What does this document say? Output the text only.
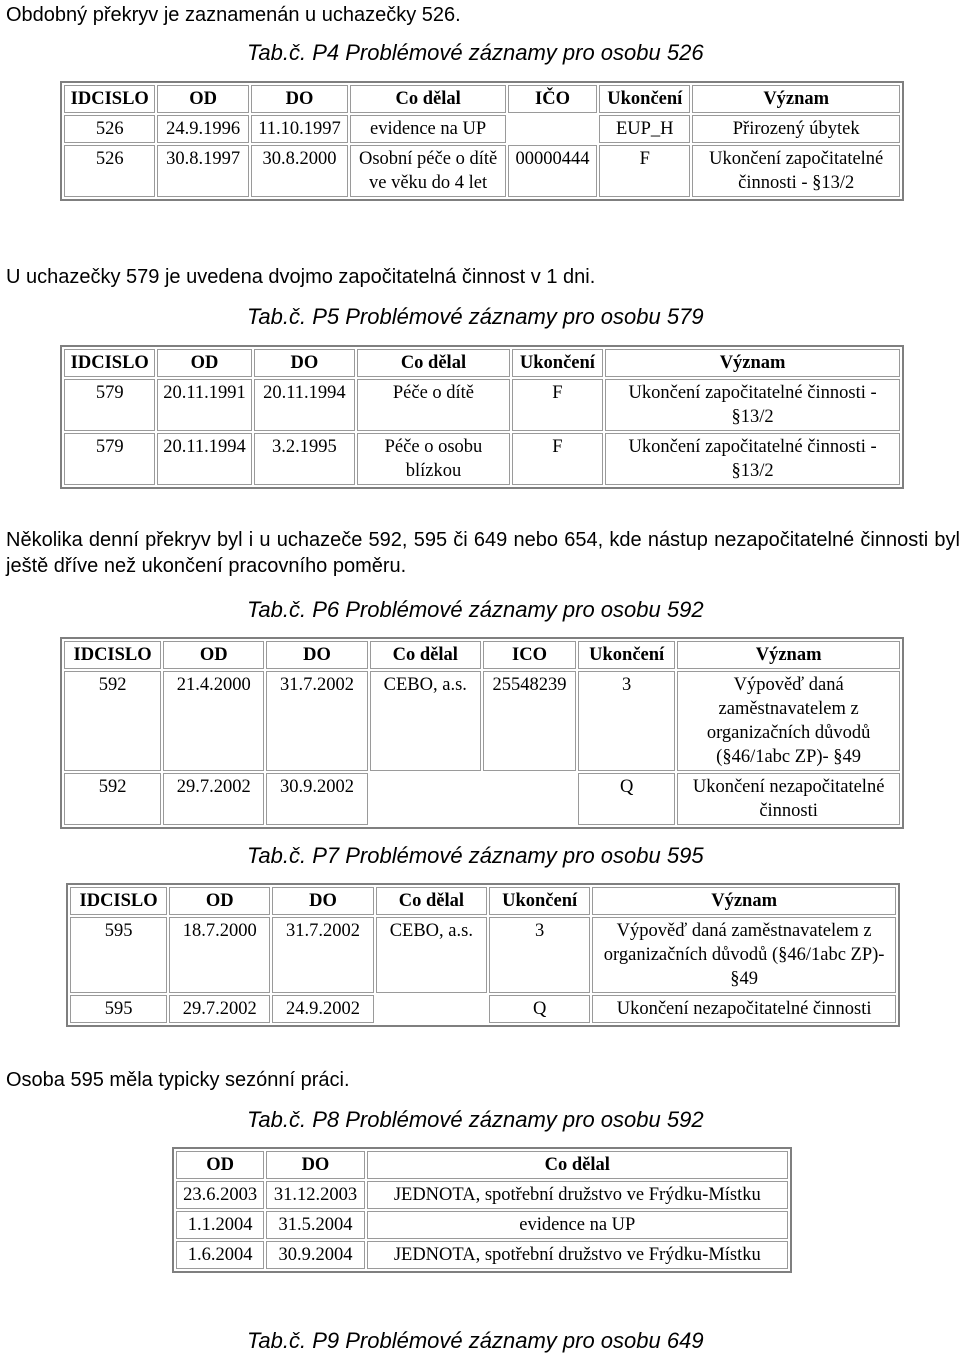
Obdobný překryv je zaznamenán u uchazečky 526.

Tab.č. P4 Problémové záznamy pro osobu 526

IDCISLO	OD	DO	Co dělal	IČO	Ukončení	Význam
526	24.9.1996	11.10.1997	evidence na UP		EUP_H	Přirozený úbytek
526	30.8.1997	30.8.2000	Osobní péče o dítě ve věku do 4 let	00000444	F	Ukončení započitatelné činnosti - §13/2

U uchazečky 579 je uvedena dvojmo započitatelná činnost v 1 dni.

Tab.č. P5 Problémové záznamy pro osobu 579

IDCISLO	OD	DO	Co dělal	Ukončení	Význam
579	20.11.1991	20.11.1994	Péče o dítě	F	Ukončení započitatelné činnosti - §13/2
579	20.11.1994	3.2.1995	Péče o osobu blízkou	F	Ukončení započitatelné činnosti - §13/2

Několika denní překryv byl i u uchazeče 592, 595 či 649 nebo 654, kde nástup nezapočitatelné činnosti byl ještě dříve než ukončení pracovního poměru.

Tab.č. P6 Problémové záznamy pro osobu 592

IDCISLO	OD	DO	Co dělal	ICO	Ukončení	Význam
592	21.4.2000	31.7.2002	CEBO, a.s.	25548239	3	Výpověď daná zaměstnavatelem z organizačních důvodů (§46/1abc ZP)- §49
592	29.7.2002	30.9.2002			Q	Ukončení nezapočitatelné činnosti

Tab.č. P7 Problémové záznamy pro osobu 595

IDCISLO	OD	DO	Co dělal	Ukončení	Význam
595	18.7.2000	31.7.2002	CEBO, a.s.	3	Výpověď daná zaměstnavatelem z organizačních důvodů (§46/1abc ZP)- §49
595	29.7.2002	24.9.2002		Q	Ukončení nezapočitatelné činnosti

Osoba 595 měla typicky sezónní práci.

Tab.č. P8 Problémové záznamy pro osobu 592

OD	DO	Co dělal
23.6.2003	31.12.2003	JEDNOTA, spotřební družstvo ve Frýdku-Místku
1.1.2004	31.5.2004	evidence na UP
1.6.2004	30.9.2004	JEDNOTA, spotřební družstvo ve Frýdku-Místku

Tab.č. P9 Problémové záznamy pro osobu 649
